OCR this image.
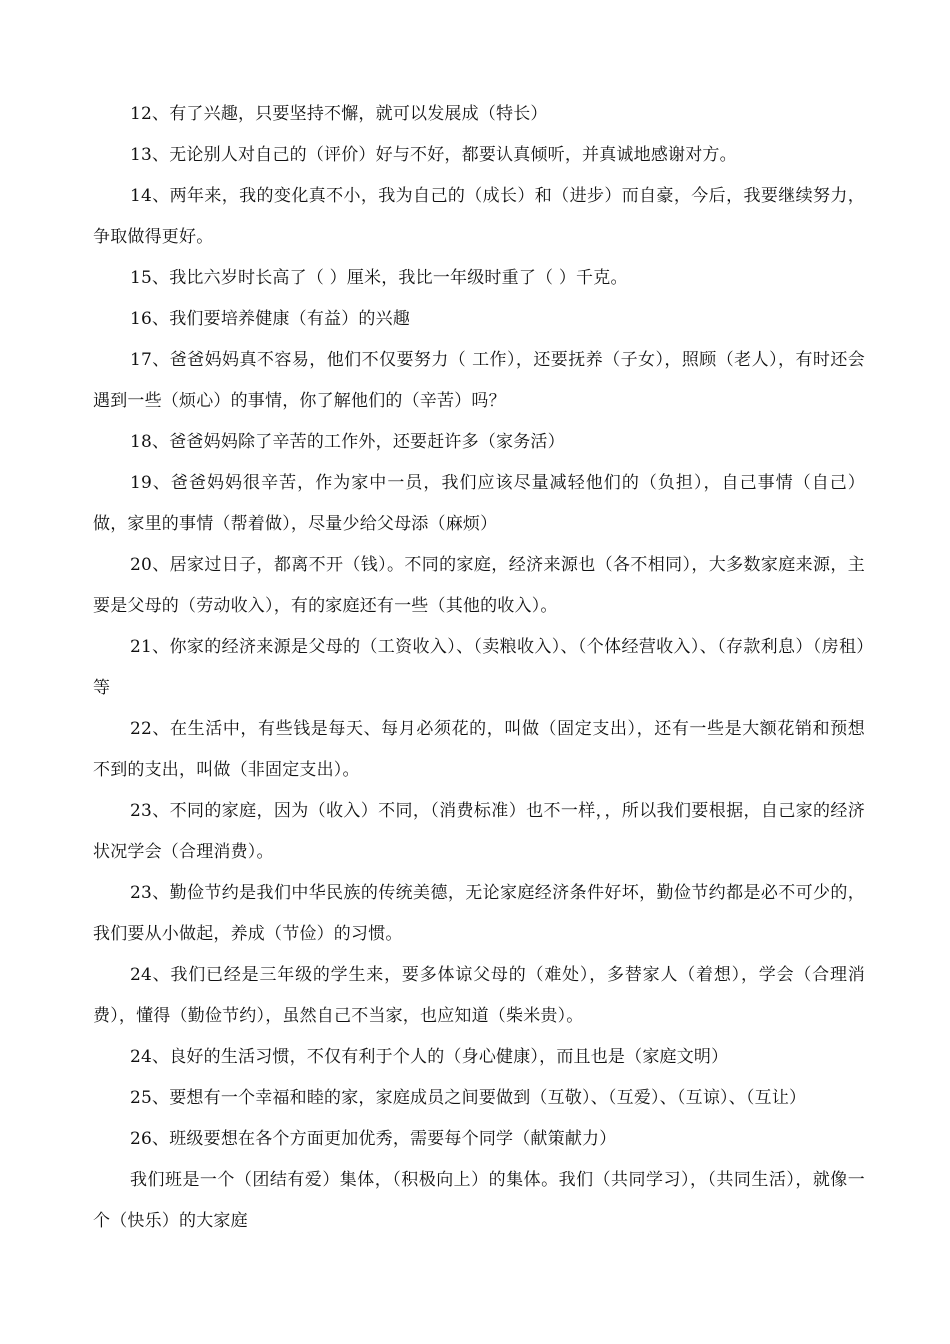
12、有了兴趣，只要坚持不懈，就可以发展成（特长）

13、无论别人对自己的（评价）好与不好，都要认真倾听，并真诚地感谢对方。

14、两年来，我的变化真不小，我为自己的（成长）和（进步）而自豪，今后，我要继续努力，争取做得更好。

15、我比六岁时长高了（ ）厘米，我比一年级时重了（ ）千克。

16、我们要培养健康（有益）的兴趣

17、爸爸妈妈真不容易，他们不仅要努力（ 工作），还要抚养（子女），照顾（老人），有时还会遇到一些（烦心）的事情，你了解他们的（辛苦）吗？

18、爸爸妈妈除了辛苦的工作外，还要赶许多（家务活）

19、爸爸妈妈很辛苦，作为家中一员，我们应该尽量减轻他们的（负担），自己事情（自己）做，家里的事情（帮着做），尽量少给父母添（麻烦）

20、居家过日子，都离不开（钱）。不同的家庭，经济来源也（各不相同），大多数家庭来源，主要是父母的（劳动收入），有的家庭还有一些（其他的收入）。

21、你家的经济来源是父母的（工资收入）、（卖粮收入）、（个体经营收入）、（存款利息）（房租）等

22、在生活中，有些钱是每天、每月必须花的，叫做（固定支出），还有一些是大额花销和预想不到的支出，叫做（非固定支出）。

23、不同的家庭，因为（收入）不同，（消费标准）也不一样，，所以我们要根据，自己家的经济状况学会（合理消费）。

23、勤俭节约是我们中华民族的传统美德，无论家庭经济条件好坏，勤俭节约都是必不可少的，我们要从小做起，养成（节俭）的习惯。

24、我们已经是三年级的学生来，要多体谅父母的（难处），多替家人（着想），学会（合理消费），懂得（勤俭节约），虽然自己不当家，也应知道（柴米贵）。

24、良好的生活习惯，不仅有利于个人的（身心健康），而且也是（家庭文明）

25、要想有一个幸福和睦的家，家庭成员之间要做到（互敬）、（互爱）、（互谅）、（互让）

26、班级要想在各个方面更加优秀，需要每个同学（献策献力）

我们班是一个（团结有爱）集体，（积极向上）的集体。我们（共同学习），（共同生活），就像一个（快乐）的大家庭
